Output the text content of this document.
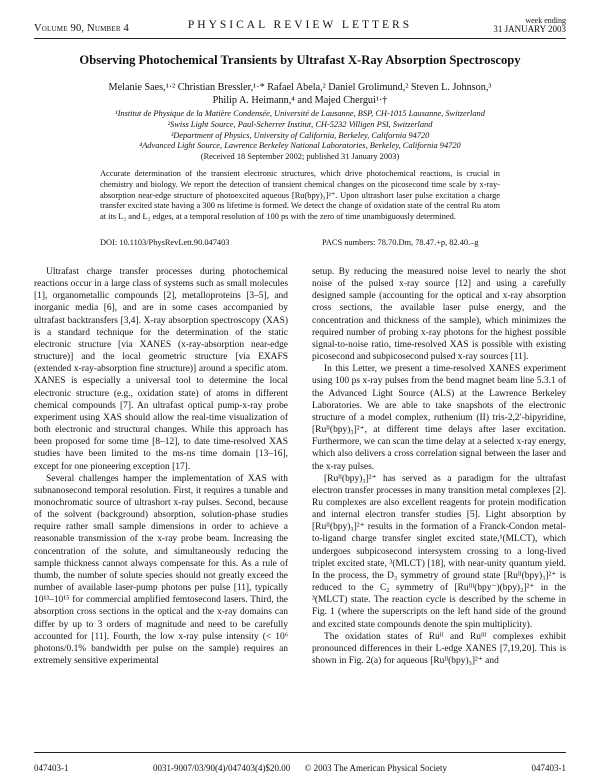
Volume 90, Number 4	PHYSICAL REVIEW LETTERS	week ending
31 JANUARY 2003
Observing Photochemical Transients by Ultrafast X-Ray Absorption Spectroscopy
Melanie Saes,¹·² Christian Bressler,¹·* Rafael Abela,² Daniel Grolimund,² Steven L. Johnson,³
Philip A. Heimann,⁴ and Majed Chergui¹·†
¹Institut de Physique de la Matière Condensée, Université de Lausanne, BSP, CH-1015 Lausanne, Switzerland
²Swiss Light Source, Paul-Scherrer Institut, CH-5232 Villigen PSI, Switzerland
³Department of Physics, University of California, Berkeley, California 94720
⁴Advanced Light Source, Lawrence Berkeley National Laboratories, Berkeley, California 94720
(Received 18 September 2002; published 31 January 2003)
Accurate determination of the transient electronic structures, which drive photochemical reactions, is crucial in chemistry and biology. We report the detection of transient chemical changes on the picosecond time scale by x-ray-absorption near-edge structure of photoexcited aqueous [Ru(bpy)₃]²⁺. Upon ultrashort laser pulse excitation a charge transfer excited state having a 300 ns lifetime is formed. We detect the change of oxidation state of the central Ru atom at its L₃ and L₂ edges, at a temporal resolution of 100 ps with the zero of time unambiguously determined.
DOI: 10.1103/PhysRevLett.90.047403	PACS numbers: 78.70.Dm, 78.47.+p, 82.40.–g

Ultrafast charge transfer processes during photochemical reactions occur in a large class of systems such as small molecules [1], organometallic compounds [2], metalloproteins [3–5], and inorganic media [6], and are in some cases accompanied by ultrafast backtransfers [3,4]. X-ray absorption spectroscopy (XAS) is a standard technique for the determination of the static electronic structure [via XANES (x-ray-absorption near-edge structure)] and the local geometric structure [via EXAFS (extended x-ray-absorption fine structure)] around a specific atom. XANES is especially a universal tool to determine the local electronic structure (e.g., oxidation state) of atoms in different chemical compounds [7]. An ultrafast optical pump-x-ray probe experiment using XAS should allow the real-time visualization of both electronic and structural changes. While this approach has been proposed for some time [8–12], to date time-resolved XAS studies have been limited to the ms-ns time domain [13–16], except for one pioneering exception [17].

Several challenges hamper the implementation of XAS with subnanosecond temporal resolution. First, it requires a tunable and monochromatic source of ultrashort x-ray pulses. Second, because of the solvent (background) absorption, solution-phase studies require rather small sample dimensions in order to achieve a reasonable transmission of the x-ray probe beam. Increasing the concentration of the solute, and simultaneously reducing the sample thickness cannot always compensate for this. As a rule of thumb, the number of solute species should not greatly exceed the number of available laser-pump photons per pulse [11], typically 10¹³–10¹⁵ for commercial amplified femtosecond lasers. Third, the absorption cross sections in the optical and the x-ray domains can differ by up to 3 orders of magnitude and need to be carefully accounted for [11]. Fourth, the low x-ray pulse intensity (< 10⁶ photons/0.1% bandwidth per pulse on the sample) requires an extremely sensitive experimental

setup. By reducing the measured noise level to nearly the shot noise of the pulsed x-ray source [12] and using a carefully designed sample (accounting for the optical and x-ray absorption cross sections, the available laser pulse energy, and the concentration and thickness of the sample), which minimizes the required number of probing x-ray photons for the highest possible signal-to-noise ratio, time-resolved XAS is possible with existing picosecond and subpicosecond pulsed x-ray sources [11].

In this Letter, we present a time-resolved XANES experiment using 100 ps x-ray pulses from the bend magnet beam line 5.3.1 of the Advanced Light Source (ALS) at the Lawrence Berkeley Laboratories. We are able to take snapshots of the electronic structure of a model complex, ruthenium (II) tris-2,2′-bipyridine, [Ruᴵᴵ(bpy)₃]²⁺, at different time delays after laser excitation. Furthermore, we can scan the time delay at a selected x-ray energy, which also delivers a cross correlation signal between the laser and the x-ray pulses.

[Ruᴵᴵ(bpy)₃]²⁺ has served as a paradigm for the ultrafast electron transfer processes in many transition metal complexes [2]. Ru complexes are also excellent reagents for protein modification and internal electron transfer studies [5]. Light absorption by [Ruᴵᴵ(bpy)₃]²⁺ results in the formation of a Franck-Condon metal-to-ligand charge transfer singlet excited state,¹(MLCT), which undergoes subpicosecond intersystem crossing to a long-lived triplet excited state, ³(MLCT) [18], with near-unity quantum yield. In the process, the D₃ symmetry of ground state [Ruᴵᴵ(bpy)₃]²⁺ is reduced to the C₂ symmetry of [Ruᴵᴵᴵ(bpy⁻)(bpy)₂]²⁺ in the ³(MLCT) state. The reaction cycle is described by the scheme in Fig. 1 (where the superscripts on the left hand side of the ground and excited state compounds denote the spin multiplicity).

The oxidation states of Ruᴵᴵ and Ruᴵᴵᴵ complexes exhibit pronounced differences in their L-edge XANES [7,19,20]. This is shown in Fig. 2(a) for aqueous [Ruᴵᴵ(bpy)₃]²⁺ and

047403-1	0031-9007/03/90(4)/047403(4)$20.00 © 2003 The American Physical Society	047403-1
